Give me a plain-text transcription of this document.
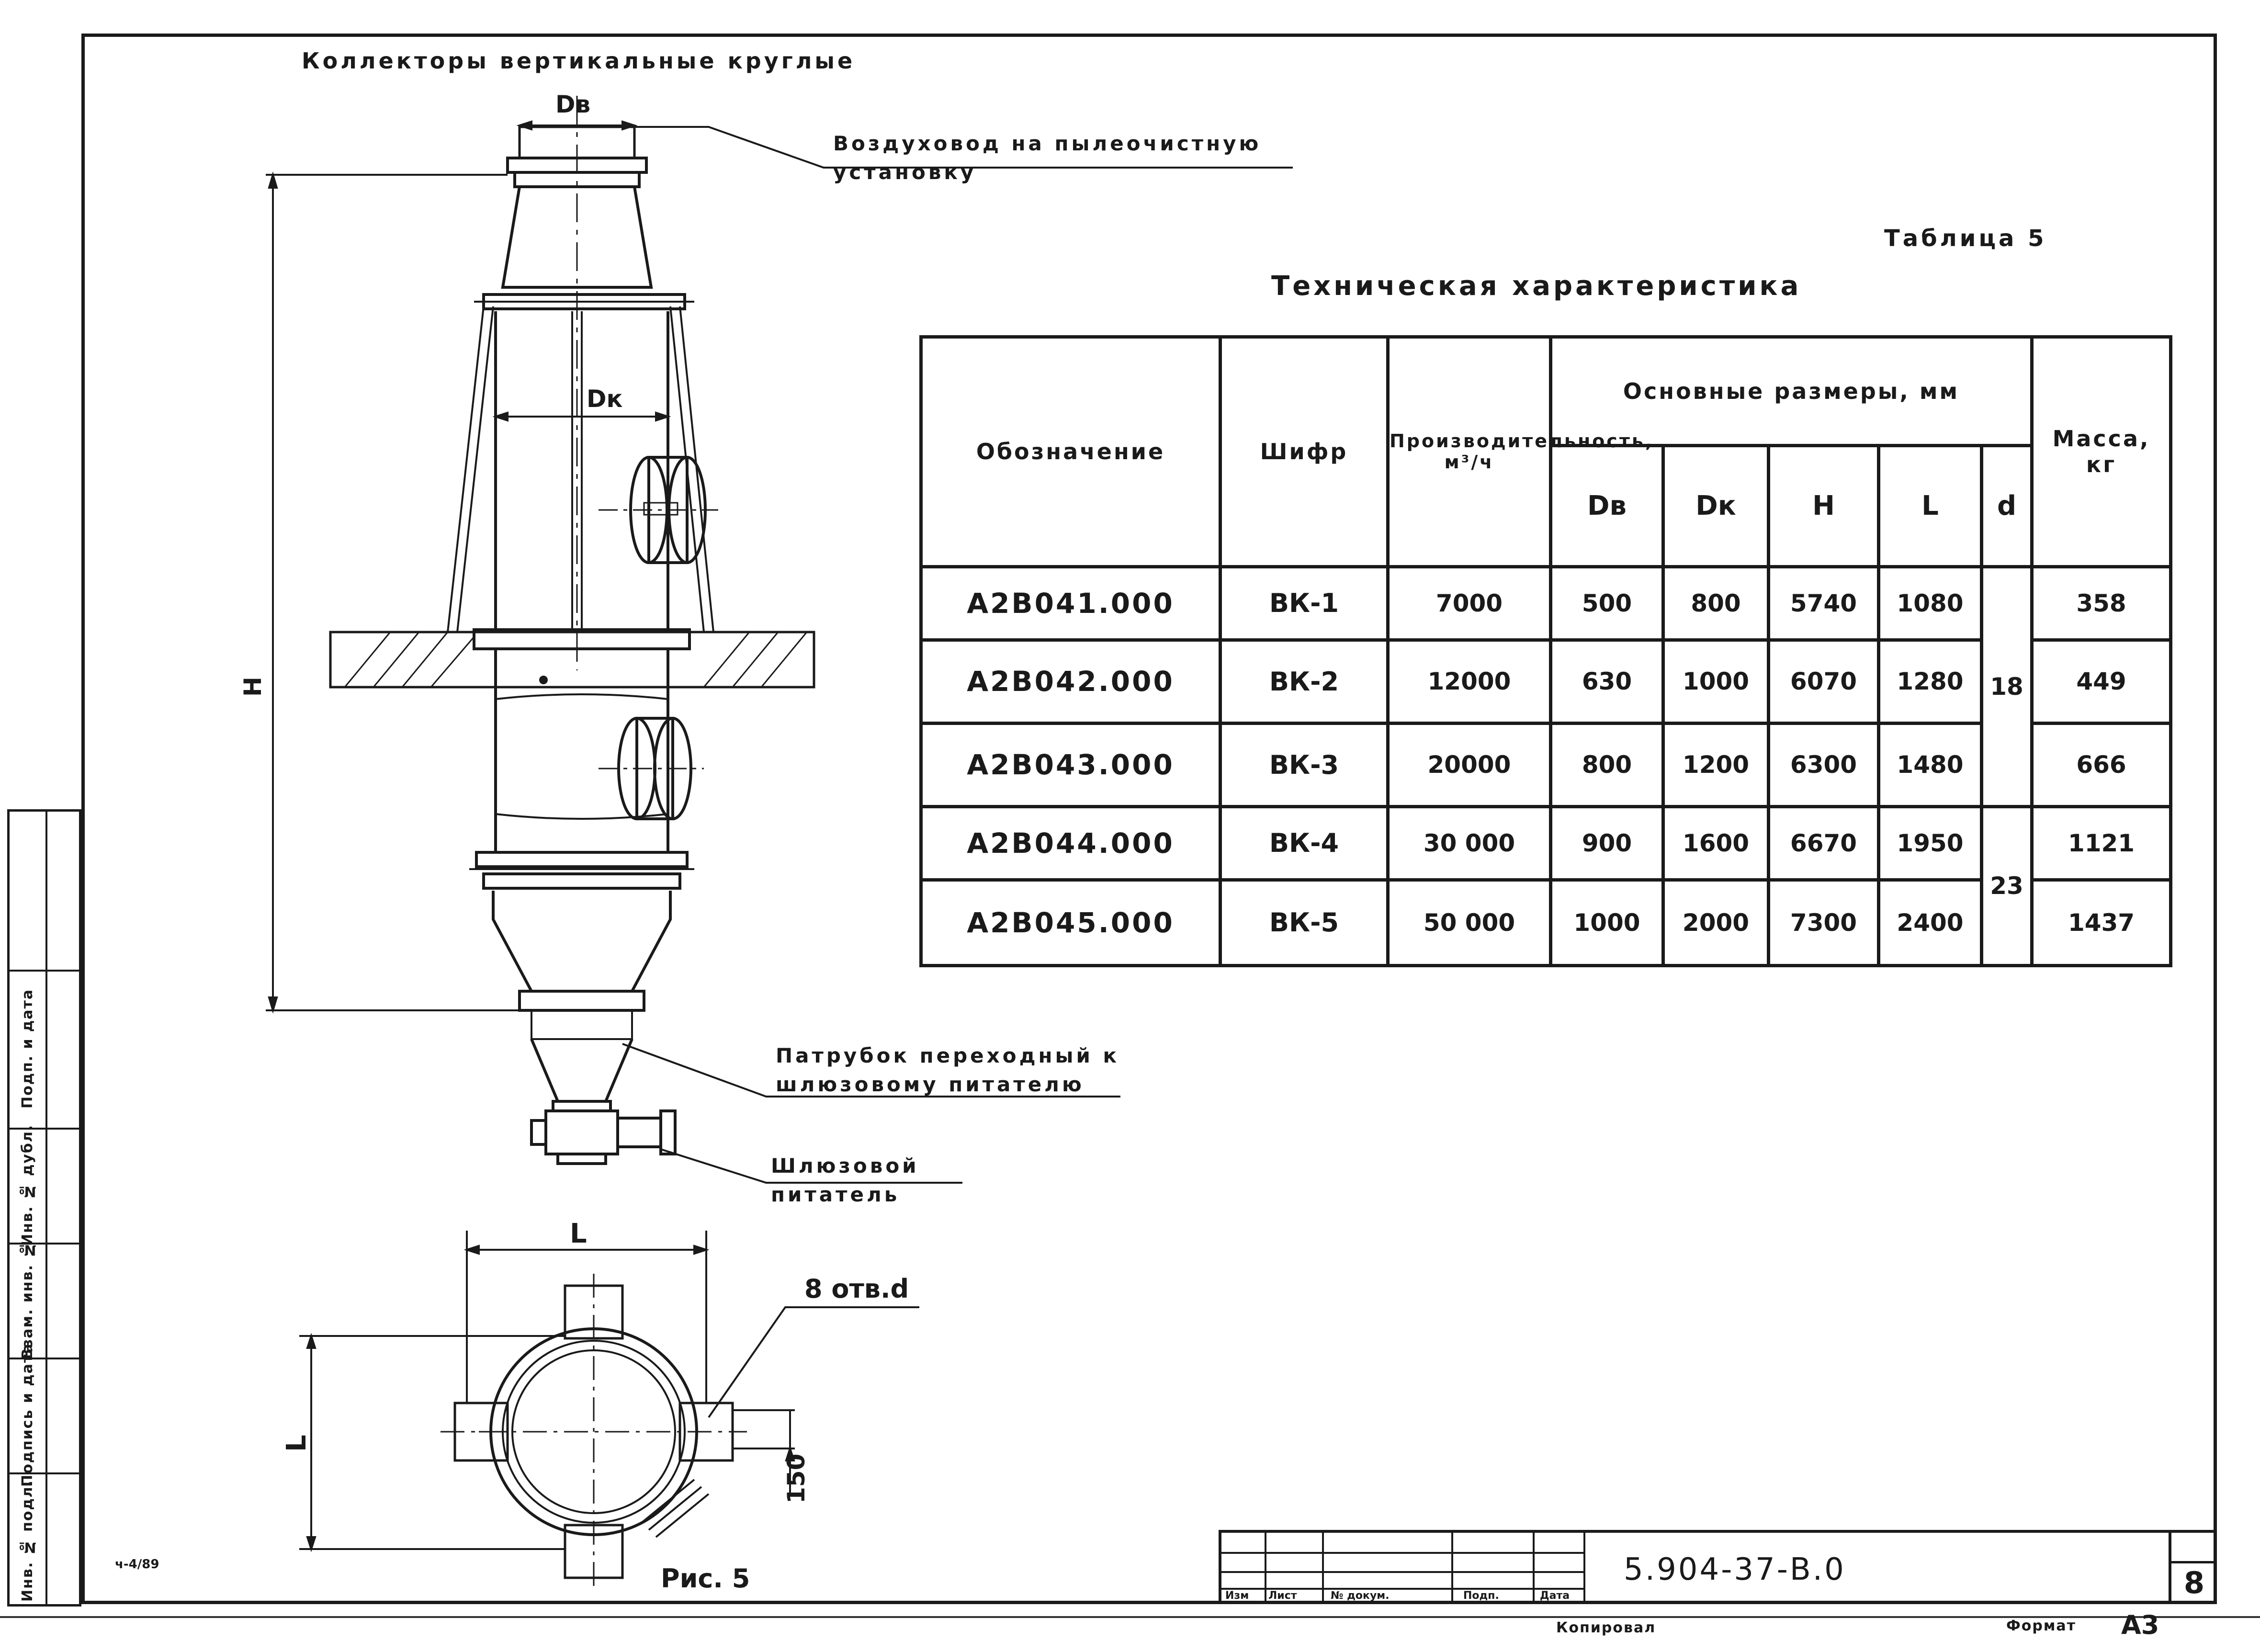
Инв. № подл.
Подпись и дата
Взам. инв. №
Инв. № дубл.
Подп. и дата
Коллекторы вертикальные круглые
Dв
Dк
H
L
L
150
8 отв.d
Рис. 5
ч-4/89
Воздуховод на пылеочистную установку
Патрубок переходный к шлюзовому питателю
Шлюзовой питатель
Таблица 5
Техническая характеристика
Обозначение	Шифр	Производительность, м³/ч	Основные размеры, мм					Масса, кг
			Dв	Dк	H	L	d	
А2В041.000	ВК-1	7000	500	800	5740	1080	18	358
А2В042.000	ВК-2	12000	630	1000	6070	1280		449
А2В043.000	ВК-3	20000	800	1200	6300	1480		666
А2В044.000	ВК-4	30 000	900	1600	6670	1950	23	1121
А2В045.000	ВК-5	50 000	1000	2000	7300	2400		1437
Изм Лист	№ докум.	Подп.	Дата
5.904-37-В.0	8
Копировал	Формат А3
